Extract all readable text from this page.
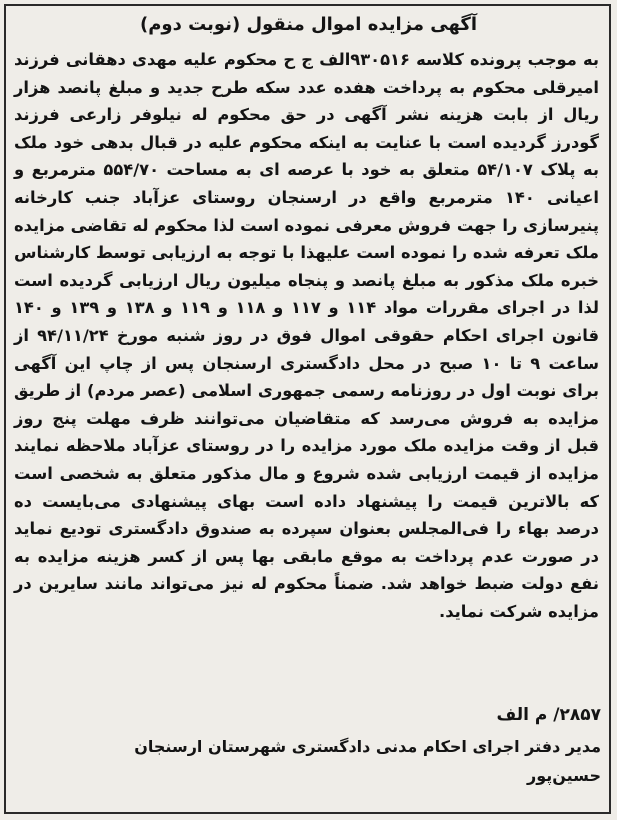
آگهی مزایده اموال منقول (نوبت دوم)
به موجب پرونده کلاسه ۹۳۰۵۱۶الف ج ح محکوم علیه مهدی دهقانی فرزند امیرقلی محکوم به پرداخت هفده عدد سکه طرح جدید و مبلغ پانصد هزار ریال از بابت هزینه نشر آگهی در حق محکوم له نیلوفر زارعی فرزند گودرز گردیده است با عنایت به اینکه محکوم علیه در قبال بدهی خود ملک به پلاک ۵۴/۱۰۷ متعلق به خود با عرصه ای به مساحت ۵۵۴/۷۰ مترمربع و اعیانی ۱۴۰ مترمربع واقع در ارسنجان روستای عزآباد جنب کارخانه پنیرسازی را جهت فروش معرفی نموده است لذا محکوم له تقاضی مزایده ملک تعرفه شده را نموده است علیهذا با توجه به ارزیابی توسط کارشناس خبره ملک مذکور به مبلغ پانصد و پنجاه میلیون ریال ارزیابی گردیده است لذا در اجرای مقررات مواد ۱۱۴ و ۱۱۷ و ۱۱۸ و ۱۱۹ و ۱۳۸ و ۱۳۹ و ۱۴۰ قانون اجرای احکام حقوقی اموال فوق در روز شنبه مورخ ۹۴/۱۱/۲۴ از ساعت ۹ تا ۱۰ صبح در محل دادگستری ارسنجان پس از چاپ این آگهی برای نوبت اول در روزنامه رسمی جمهوری اسلامی (عصر مردم) از طریق مزایده به فروش می‌رسد که متقاضیان می‌توانند ظرف مهلت پنج روز قبل از وقت مزایده ملک مورد مزایده را در روستای عزآباد ملاحظه نمایند مزایده از قیمت ارزیابی شده شروع و مال مذکور متعلق به شخصی است که بالاترین قیمت را پیشنهاد داده است بهای پیشنهادی می‌بایست ده درصد بهاء را فی‌المجلس بعنوان سپرده به صندوق دادگستری تودیع نماید در صورت عدم پرداخت به موقع مابقی بها پس از کسر هزینه مزایده به نفع دولت ضبط خواهد شد. ضمناً محکوم له نیز می‌تواند مانند سایرین در مزایده شرکت نماید.
۲۸۵۷/ م الف
مدیر دفتر اجرای احکام مدنی دادگستری شهرستان ارسنجان
حسین‌پور
